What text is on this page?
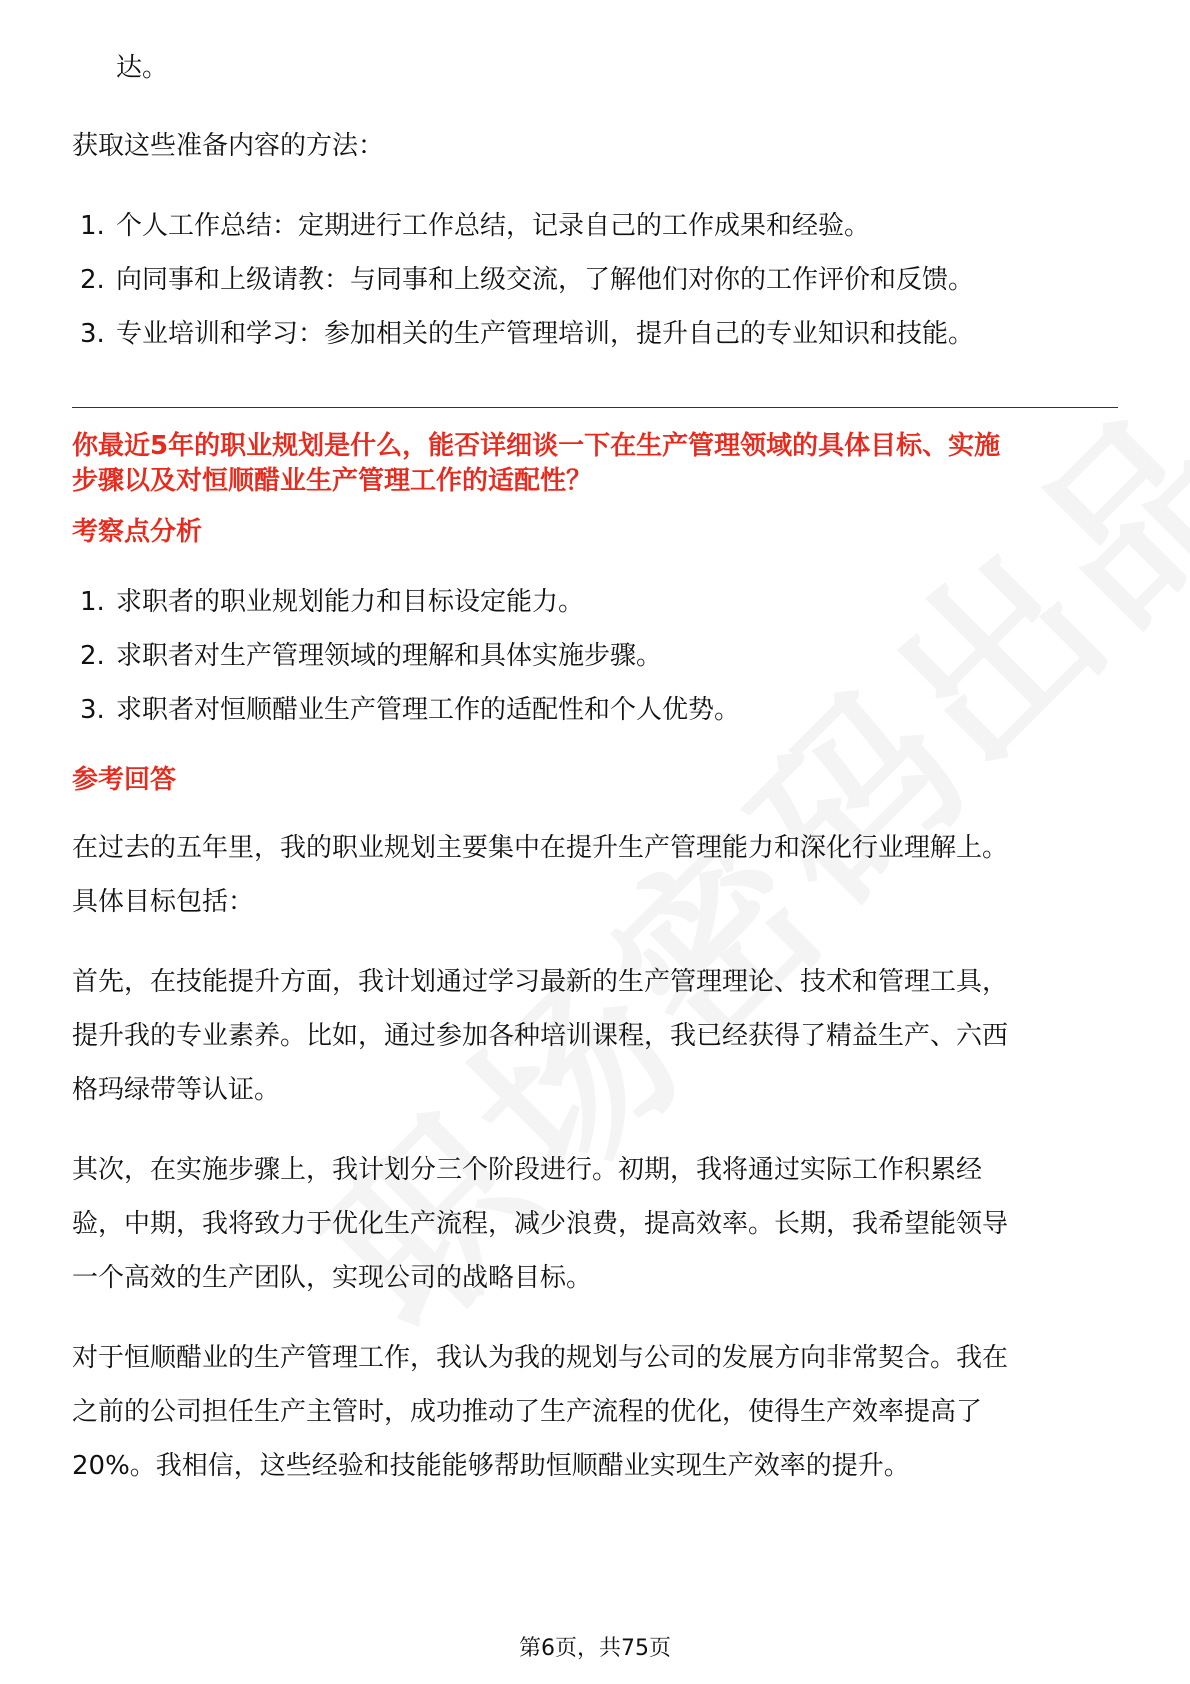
达。
获取这些准备内容的方法：
1. 个人工作总结：定期进行工作总结，记录自己的工作成果和经验。
2. 向同事和上级请教：与同事和上级交流，了解他们对你的工作评价和反馈。
3. 专业培训和学习：参加相关的生产管理培训，提升自己的专业知识和技能。
你最近5年的职业规划是什么，能否详细谈一下在生产管理领域的具体目标、实施
步骤以及对恒顺醋业生产管理工作的适配性？
考察点分析
1. 求职者的职业规划能力和目标设定能力。
2. 求职者对生产管理领域的理解和具体实施步骤。
3. 求职者对恒顺醋业生产管理工作的适配性和个人优势。
参考回答
在过去的五年里，我的职业规划主要集中在提升生产管理能力和深化行业理解上。
具体目标包括：
首先，在技能提升方面，我计划通过学习最新的生产管理理论、技术和管理工具，
提升我的专业素养。比如，通过参加各种培训课程，我已经获得了精益生产、六西
格玛绿带等认证。
其次，在实施步骤上，我计划分三个阶段进行。初期，我将通过实际工作积累经
验，中期，我将致力于优化生产流程，减少浪费，提高效率。长期，我希望能领导
一个高效的生产团队，实现公司的战略目标。
对于恒顺醋业的生产管理工作，我认为我的规划与公司的发展方向非常契合。我在
之前的公司担任生产主管时，成功推动了生产流程的优化，使得生产效率提高了
20%。我相信，这些经验和技能能够帮助恒顺醋业实现生产效率的提升。
第6页，共75页
